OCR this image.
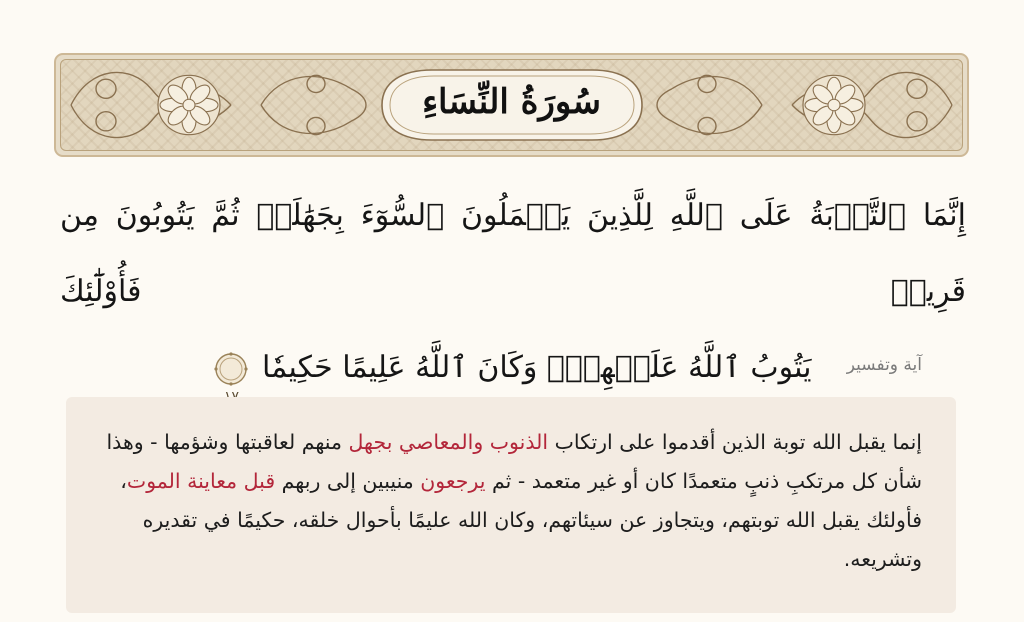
سُورَةُ النِّسَاءِ
إِنَّمَا ٱلتَّوۡبَةُ عَلَى ٱللَّهِ لِلَّذِينَ يَعۡمَلُونَ ٱلسُّوٓءَ بِجَهَٰلَةٖ ثُمَّ يَتُوبُونَ مِن قَرِيبٖ فَأُوْلَٰٓئِكَ
يَتُوبُ ٱللَّهُ عَلَيۡهِمۡۗ وَكَانَ ٱللَّهُ عَلِيمًا حَكِيمٗا	آية وتفسير
إنما يقبل الله توبة الذين أقدموا على ارتكاب الذنوب والمعاصي بجهل منهم لعاقبتها وشؤمها - وهذا شأن كل مرتكبِ ذنبٍ متعمدًا كان أو غير متعمد - ثم يرجعون منيبين إلى ربهم قبل معاينة الموت، فأولئك يقبل الله توبتهم، ويتجاوز عن سيئاتهم، وكان الله عليمًا بأحوال خلقه، حكيمًا في تقديره وتشريعه.
